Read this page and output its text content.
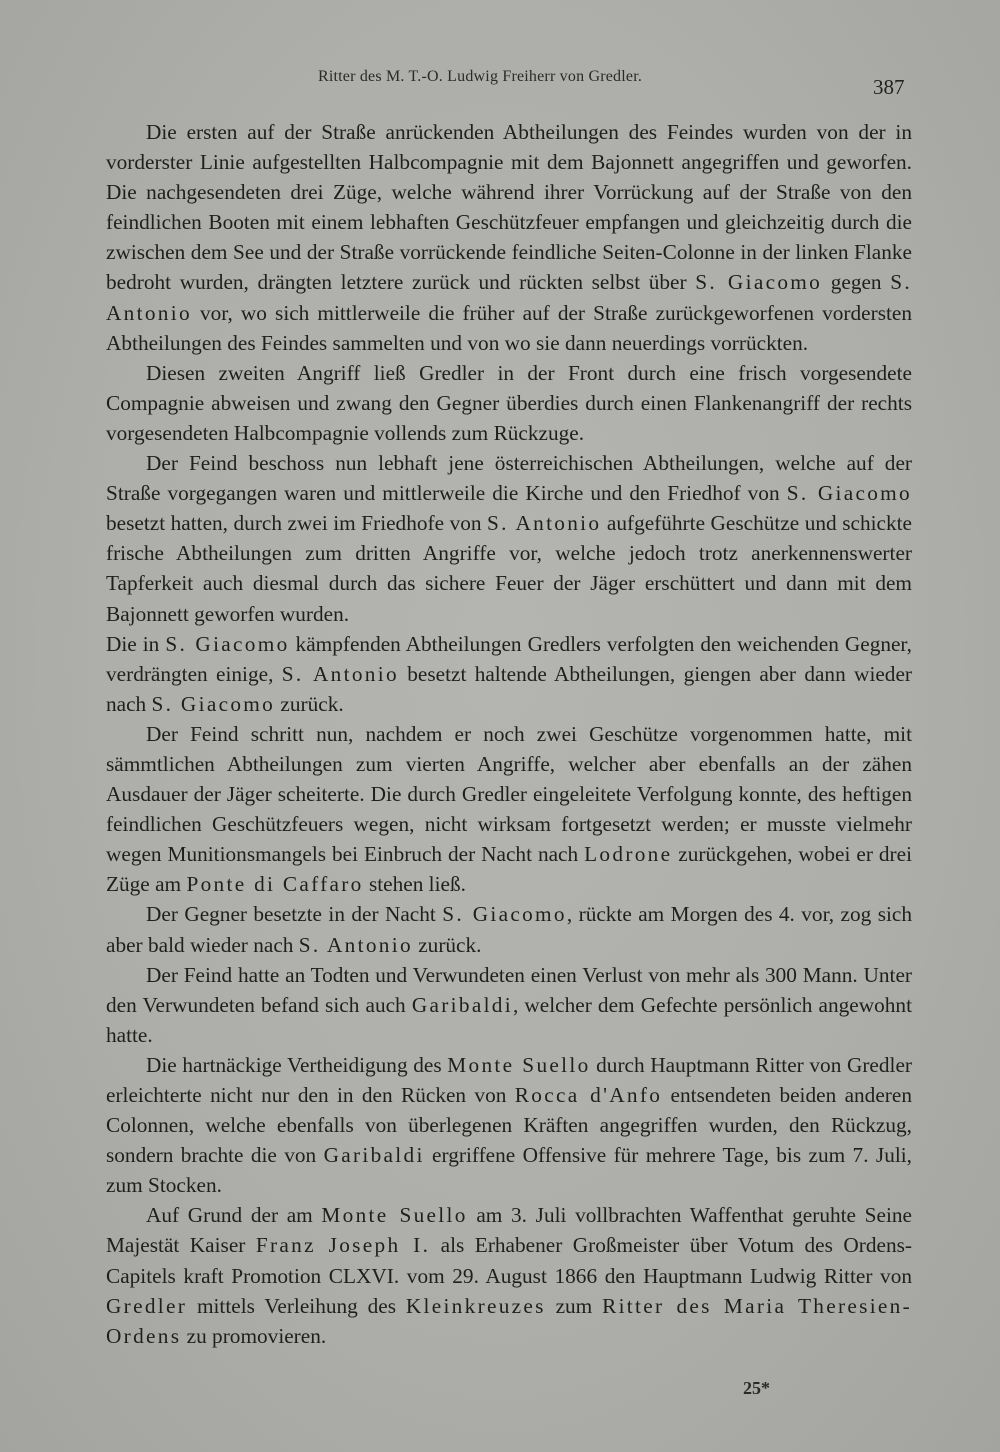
Ritter des M. T.-O. Ludwig Freiherr von Gredler.	387

Die ersten auf der Straße anrückenden Abtheilungen des Feindes wurden von der in vorderster Linie aufgestellten Halbcompagnie mit dem Bajonnett angegriffen und geworfen. Die nachgesendeten drei Züge, welche während ihrer Vorrückung auf der Straße von den feindlichen Booten mit einem lebhaften Geschützfeuer empfangen und gleichzeitig durch die zwischen dem See und der Straße vorrückende feindliche Seiten-Colonne in der linken Flanke bedroht wurden, drängten letztere zurück und rückten selbst über S. Giacomo gegen S. Antonio vor, wo sich mittlerweile die früher auf der Straße zurückgeworfenen vordersten Abtheilungen des Feindes sammelten und von wo sie dann neuerdings vorrückten.

Diesen zweiten Angriff ließ Gredler in der Front durch eine frisch vorgesendete Compagnie abweisen und zwang den Gegner überdies durch einen Flankenangriff der rechts vorgesendeten Halbcompagnie vollends zum Rückzuge.

Der Feind beschoss nun lebhaft jene österreichischen Abtheilungen, welche auf der Straße vorgegangen waren und mittlerweile die Kirche und den Friedhof von S. Giacomo besetzt hatten, durch zwei im Friedhofe von S. Antonio aufgeführte Geschütze und schickte frische Abtheilungen zum dritten Angriffe vor, welche jedoch trotz anerkennenswerter Tapferkeit auch diesmal durch das sichere Feuer der Jäger erschüttert und dann mit dem Bajonnett geworfen wurden.

Die in S. Giacomo kämpfenden Abtheilungen Gredlers verfolgten den weichenden Gegner, verdrängten einige, S. Antonio besetzt haltende Abtheilungen, giengen aber dann wieder nach S. Giacomo zurück.

Der Feind schritt nun, nachdem er noch zwei Geschütze vorgenommen hatte, mit sämmtlichen Abtheilungen zum vierten Angriffe, welcher aber ebenfalls an der zähen Ausdauer der Jäger scheiterte. Die durch Gredler eingeleitete Verfolgung konnte, des heftigen feindlichen Geschützfeuers wegen, nicht wirksam fortgesetzt werden; er musste vielmehr wegen Munitionsmangels bei Einbruch der Nacht nach Lodrone zurückgehen, wobei er drei Züge am Ponte di Caffaro stehen ließ.

Der Gegner besetzte in der Nacht S. Giacomo, rückte am Morgen des 4. vor, zog sich aber bald wieder nach S. Antonio zurück.

Der Feind hatte an Todten und Verwundeten einen Verlust von mehr als 300 Mann. Unter den Verwundeten befand sich auch Garibaldi, welcher dem Gefechte persönlich angewohnt hatte.

Die hartnäckige Vertheidigung des Monte Suello durch Hauptmann Ritter von Gredler erleichterte nicht nur den in den Rücken von Rocca d'Anfo entsendeten beiden anderen Colonnen, welche ebenfalls von überlegenen Kräften angegriffen wurden, den Rückzug, sondern brachte die von Garibaldi ergriffene Offensive für mehrere Tage, bis zum 7. Juli, zum Stocken.

Auf Grund der am Monte Suello am 3. Juli vollbrachten Waffenthat geruhte Seine Majestät Kaiser Franz Joseph I. als Erhabener Großmeister über Votum des Ordens-Capitels kraft Promotion CLXVI. vom 29. August 1866 den Hauptmann Ludwig Ritter von Gredler mittels Verleihung des Kleinkreuzes zum Ritter des Maria Theresien-Ordens zu promovieren.

25*
